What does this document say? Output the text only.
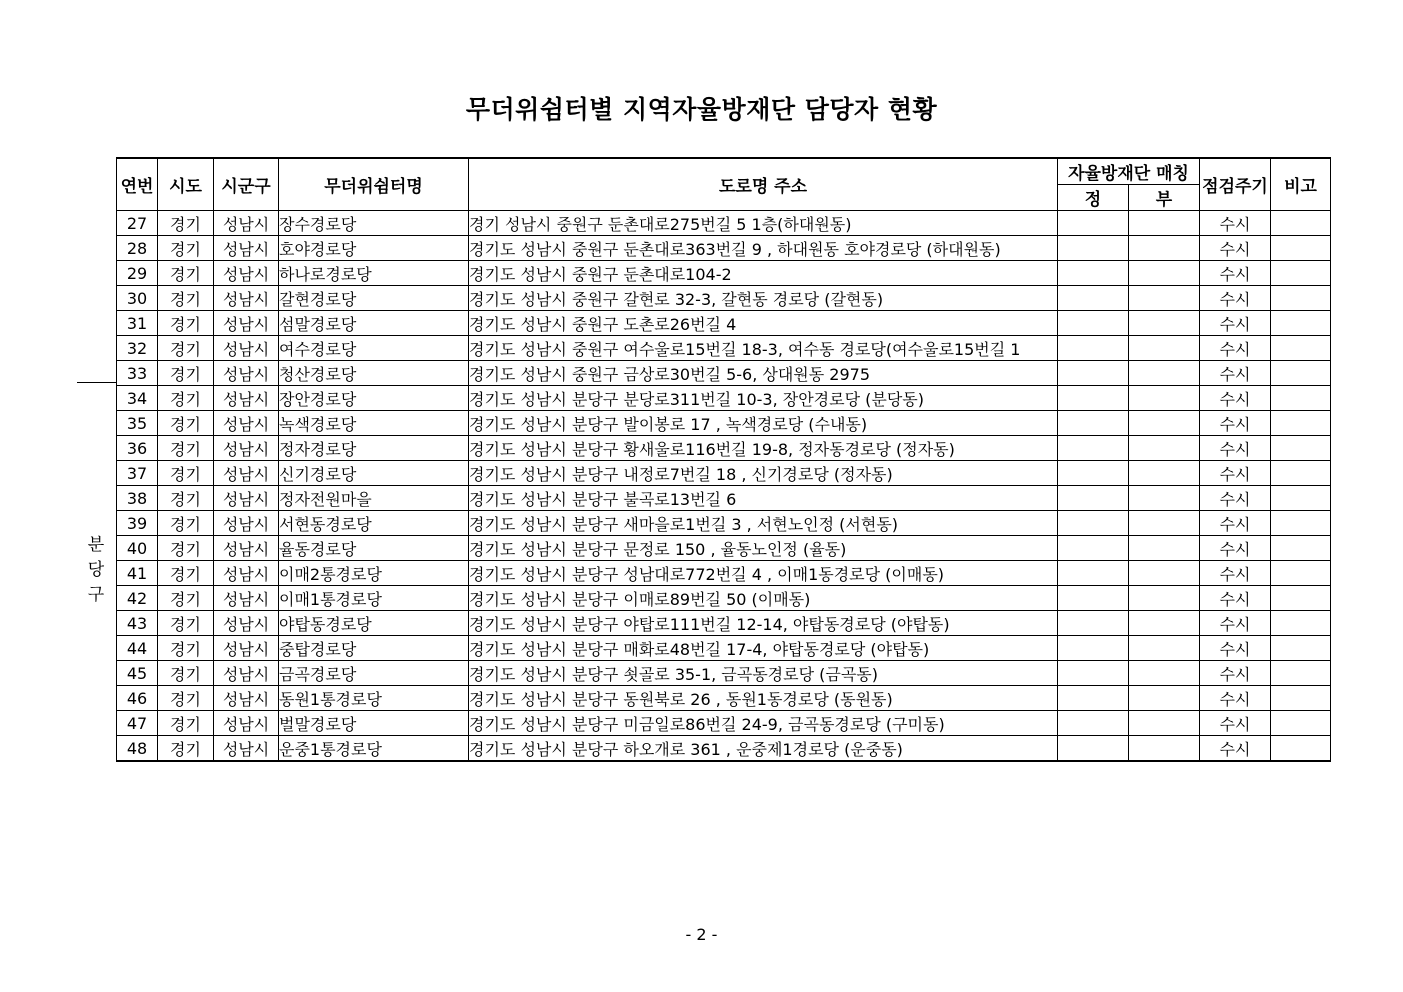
무더위쉼터별 지역자율방재단 담당자 현황
분
당
구
연번	시도	시군구	무더위쉼터명	도로명 주소	자율방재단 매칭		점검주기	비고
					정	부		
27	경기	성남시	장수경로당	경기 성남시 중원구 둔촌대로275번길 5 1층(하대원동)			수시	
28	경기	성남시	호야경로당	경기도 성남시 중원구 둔촌대로363번길 9 , 하대원동 호야경로당 (하대원동)			수시	
29	경기	성남시	하나로경로당	경기도 성남시 중원구 둔촌대로104-2			수시	
30	경기	성남시	갈현경로당	경기도 성남시 중원구 갈현로 32-3, 갈현동 경로당 (갈현동)			수시	
31	경기	성남시	섬말경로당	경기도 성남시 중원구 도촌로26번길 4			수시	
32	경기	성남시	여수경로당	경기도 성남시 중원구 여수울로15번길 18-3, 여수동 경로당(여수울로15번길 1			수시	
33	경기	성남시	청산경로당	경기도 성남시 중원구 금상로30번길 5-6, 상대원동 2975			수시	
34	경기	성남시	장안경로당	경기도 성남시 분당구 분당로311번길 10-3, 장안경로당 (분당동)			수시	
35	경기	성남시	녹색경로당	경기도 성남시 분당구 발이봉로 17 , 녹색경로당 (수내동)			수시	
36	경기	성남시	정자경로당	경기도 성남시 분당구 황새울로116번길 19-8, 정자동경로당 (정자동)			수시	
37	경기	성남시	신기경로당	경기도 성남시 분당구 내정로7번길 18 , 신기경로당 (정자동)			수시	
38	경기	성남시	정자전원마을	경기도 성남시 분당구 불곡로13번길 6			수시	
39	경기	성남시	서현동경로당	경기도 성남시 분당구 새마을로1번길 3 , 서현노인정 (서현동)			수시	
40	경기	성남시	율동경로당	경기도 성남시 분당구 문정로 150 , 율동노인정 (율동)			수시	
41	경기	성남시	이매2통경로당	경기도 성남시 분당구 성남대로772번길 4 , 이매1동경로당 (이매동)			수시	
42	경기	성남시	이매1통경로당	경기도 성남시 분당구 이매로89번길 50 (이매동)			수시	
43	경기	성남시	야탑동경로당	경기도 성남시 분당구 야탑로111번길 12-14, 야탑동경로당 (야탑동)			수시	
44	경기	성남시	중탑경로당	경기도 성남시 분당구 매화로48번길 17-4, 야탑동경로당 (야탑동)			수시	
45	경기	성남시	금곡경로당	경기도 성남시 분당구 쇳골로 35-1, 금곡동경로당 (금곡동)			수시	
46	경기	성남시	동원1통경로당	경기도 성남시 분당구 동원북로 26 , 동원1동경로당 (동원동)			수시	
47	경기	성남시	벌말경로당	경기도 성남시 분당구 미금일로86번길 24-9, 금곡동경로당 (구미동)			수시	
48	경기	성남시	운중1통경로당	경기도 성남시 분당구 하오개로 361 , 운중제1경로당 (운중동)			수시	
- 2 -
